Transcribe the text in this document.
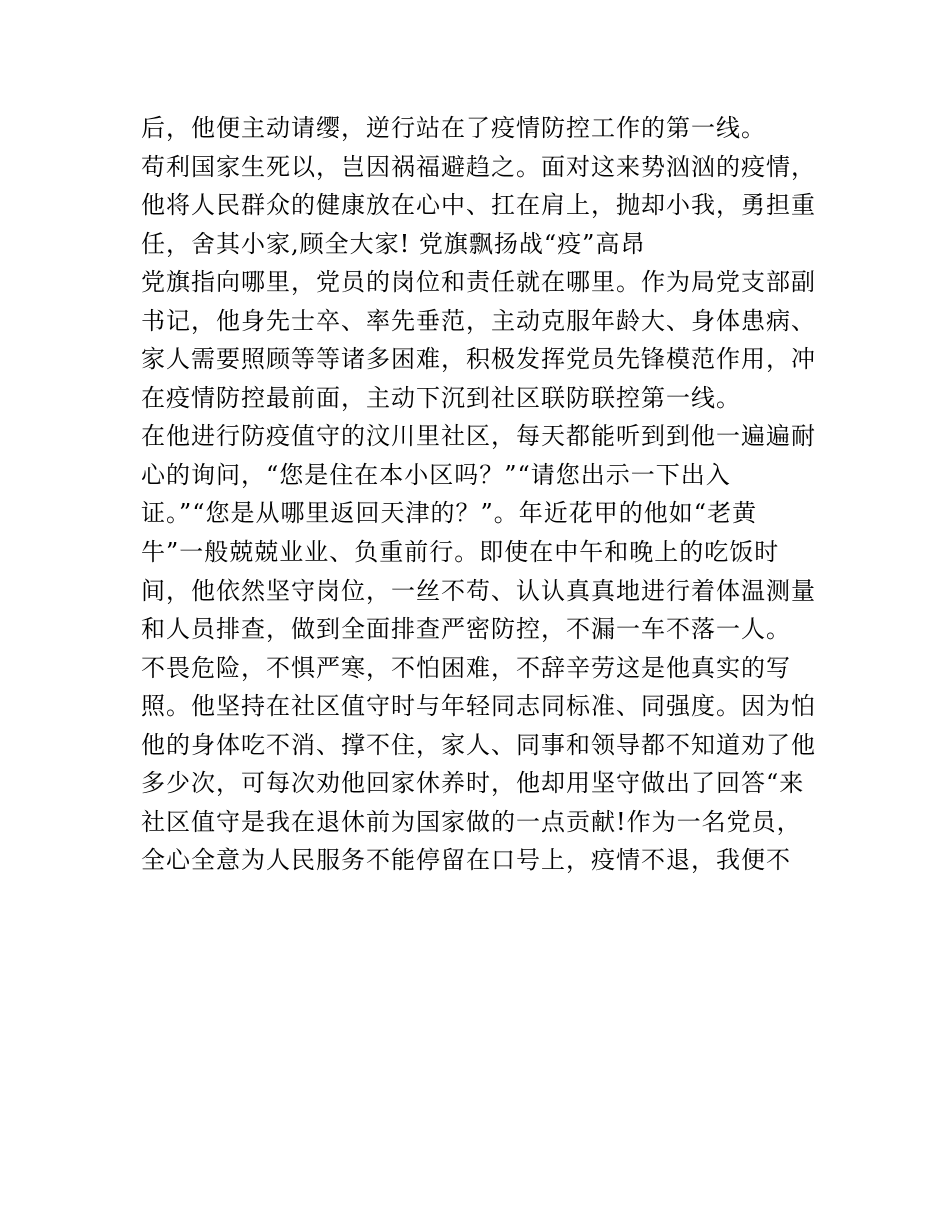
后，他便主动请缨，逆行站在了疫情防控工作的第一线。
苟利国家生死以，岂因祸福避趋之。面对这来势汹汹的疫情，
他将人民群众的健康放在心中、扛在肩上，抛却小我，勇担重
任，舍其小家,顾全大家! 党旗飘扬战“疫”高昂
党旗指向哪里，党员的岗位和责任就在哪里。作为局党支部副
书记，他身先士卒、率先垂范，主动克服年龄大、身体患病、
家人需要照顾等等诸多困难，积极发挥党员先锋模范作用，冲
在疫情防控最前面，主动下沉到社区联防联控第一线。
在他进行防疫值守的汶川里社区，每天都能听到到他一遍遍耐
心的询问，“您是住在本小区吗？”“请您出示一下出入
证。”“您是从哪里返回天津的？”。年近花甲的他如“老黄
牛”一般兢兢业业、负重前行。即使在中午和晚上的吃饭时
间，他依然坚守岗位，一丝不苟、认认真真地进行着体温测量
和人员排查，做到全面排查严密防控，不漏一车不落一人。
不畏危险，不惧严寒，不怕困难，不辞辛劳这是他真实的写
照。他坚持在社区值守时与年轻同志同标准、同强度。因为怕
他的身体吃不消、撑不住，家人、同事和领导都不知道劝了他
多少次，可每次劝他回家休养时，他却用坚守做出了回答“来
社区值守是我在退休前为国家做的一点贡献!作为一名党员，
全心全意为人民服务不能停留在口号上，疫情不退，我便不
